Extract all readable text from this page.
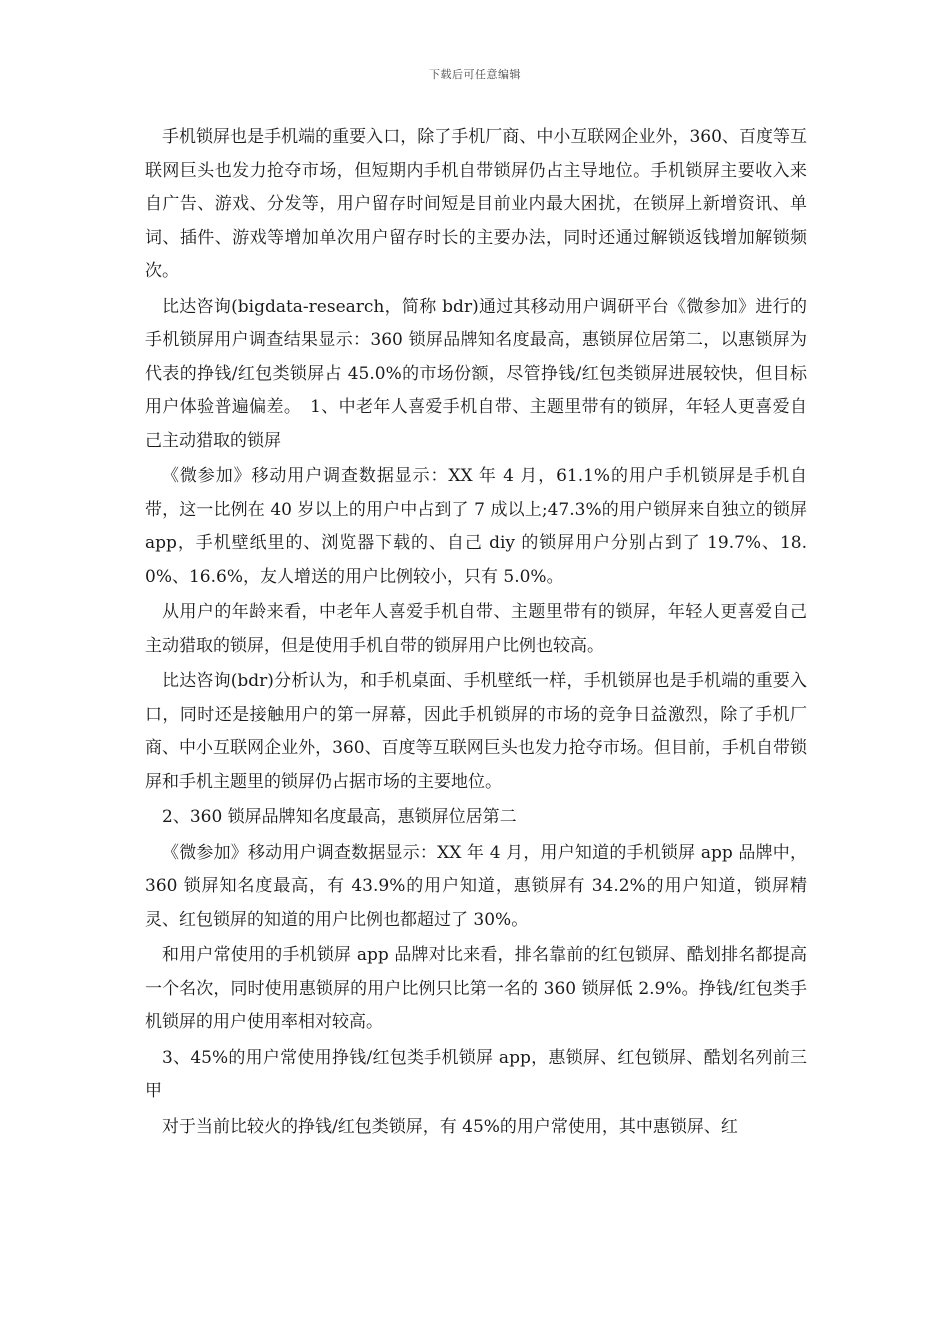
下载后可任意编辑

手机锁屏也是手机端的重要入口，除了手机厂商、中小互联网企业外，360、百度等互联网巨头也发力抢夺市场，但短期内手机自带锁屏仍占主导地位。手机锁屏主要收入来自广告、游戏、分发等，用户留存时间短是目前业内最大困扰，在锁屏上新增资讯、单词、插件、游戏等增加单次用户留存时长的主要办法，同时还通过解锁返钱增加解锁频次。

比达咨询(bigdata-research，简称 bdr)通过其移动用户调研平台《微参加》进行的手机锁屏用户调查结果显示：360 锁屏品牌知名度最高，惠锁屏位居第二，以惠锁屏为代表的挣钱/红包类锁屏占 45.0%的市场份额，尽管挣钱/红包类锁屏进展较快，但目标用户体验普遍偏差。　1、中老年人喜爱手机自带、主题里带有的锁屏，年轻人更喜爱自己主动猎取的锁屏

《微参加》移动用户调查数据显示：XX 年 4 月，61.1%的用户手机锁屏是手机自带，这一比例在 40 岁以上的用户中占到了 7 成以上;47.3%的用户锁屏来自独立的锁屏 app，手机壁纸里的、浏览器下载的、自己 diy 的锁屏用户分别占到了 19.7%、18.0%、16.6%，友人增送的用户比例较小，只有 5.0%。

从用户的年龄来看，中老年人喜爱手机自带、主题里带有的锁屏，年轻人更喜爱自己主动猎取的锁屏，但是使用手机自带的锁屏用户比例也较高。

比达咨询(bdr)分析认为，和手机桌面、手机壁纸一样，手机锁屏也是手机端的重要入口，同时还是接触用户的第一屏幕，因此手机锁屏的市场的竞争日益激烈，除了手机厂商、中小互联网企业外，360、百度等互联网巨头也发力抢夺市场。但目前，手机自带锁屏和手机主题里的锁屏仍占据市场的主要地位。

2、360 锁屏品牌知名度最高，惠锁屏位居第二

《微参加》移动用户调查数据显示：XX 年 4 月，用户知道的手机锁屏 app 品牌中，360 锁屏知名度最高，有 43.9%的用户知道，惠锁屏有 34.2%的用户知道，锁屏精灵、红包锁屏的知道的用户比例也都超过了 30%。

和用户常使用的手机锁屏 app 品牌对比来看，排名靠前的红包锁屏、酷划排名都提高一个名次，同时使用惠锁屏的用户比例只比第一名的 360 锁屏低 2.9%。挣钱/红包类手机锁屏的用户使用率相对较高。

3、45%的用户常使用挣钱/红包类手机锁屏 app，惠锁屏、红包锁屏、酷划名列前三甲

对于当前比较火的挣钱/红包类锁屏，有 45%的用户常使用，其中惠锁屏、红
